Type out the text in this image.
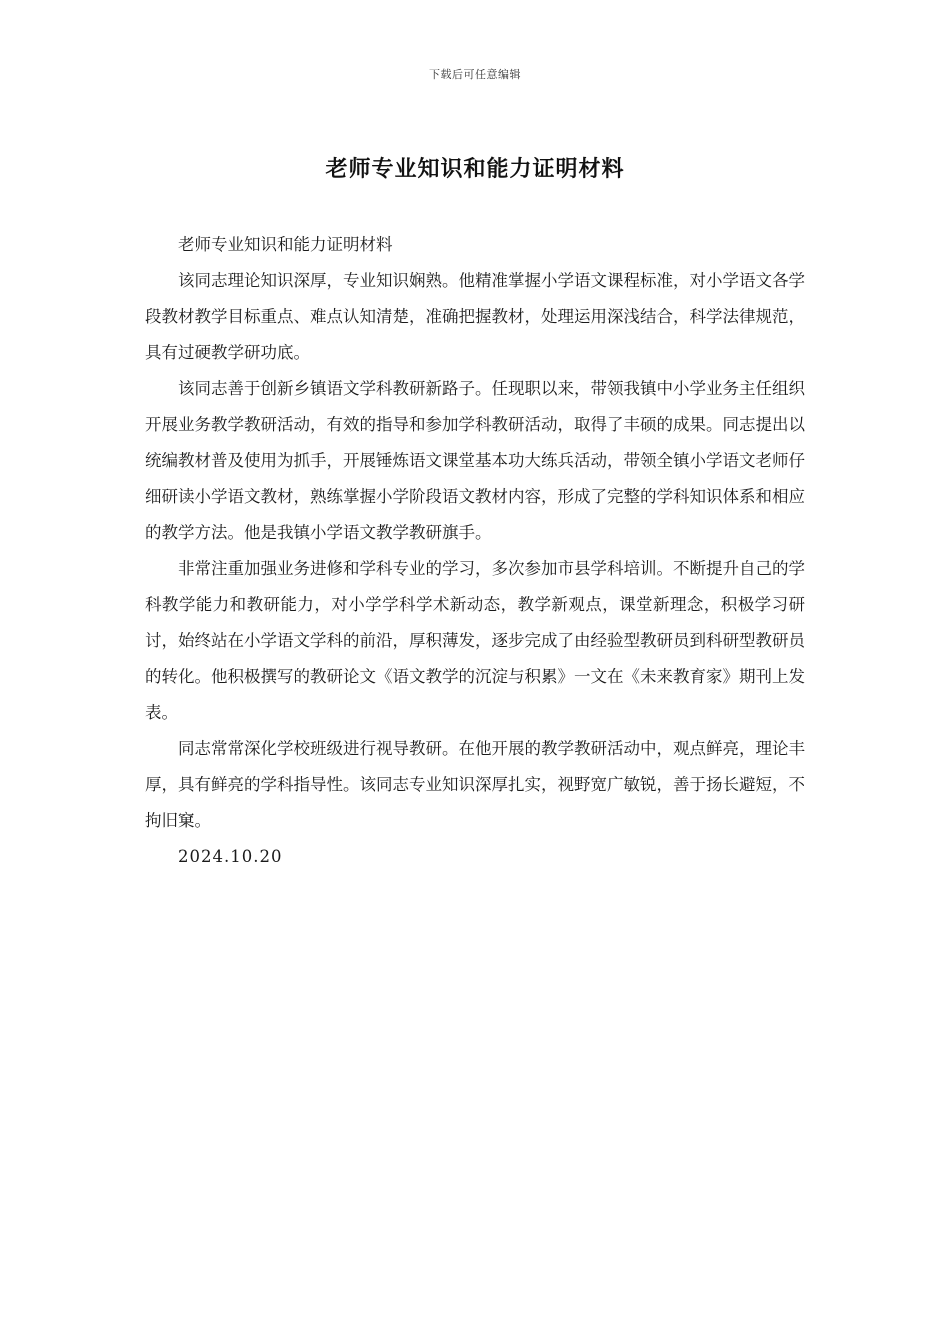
下载后可任意编辑
老师专业知识和能力证明材料

老师专业知识和能力证明材料

该同志理论知识深厚，专业知识娴熟。他精准掌握小学语文课程标准，对小学语文各学段教材教学目标重点、难点认知清楚，准确把握教材，处理运用深浅结合，科学法律规范，具有过硬教学研功底。

该同志善于创新乡镇语文学科教研新路子。任现职以来，带领我镇中小学业务主任组织开展业务教学教研活动，有效的指导和参加学科教研活动，取得了丰硕的成果。同志提出以统编教材普及使用为抓手，开展锤炼语文课堂基本功大练兵活动，带领全镇小学语文老师仔细研读小学语文教材，熟练掌握小学阶段语文教材内容，形成了完整的学科知识体系和相应的教学方法。他是我镇小学语文教学教研旗手。

非常注重加强业务进修和学科专业的学习，多次参加市县学科培训。不断提升自己的学科教学能力和教研能力，对小学学科学术新动态，教学新观点，课堂新理念，积极学习研讨，始终站在小学语文学科的前沿，厚积薄发，逐步完成了由经验型教研员到科研型教研员的转化。他积极撰写的教研论文《语文教学的沉淀与积累》一文在《未来教育家》期刊上发表。

同志常常深化学校班级进行视导教研。在他开展的教学教研活动中，观点鲜亮，理论丰厚，具有鲜亮的学科指导性。该同志专业知识深厚扎实，视野宽广敏锐，善于扬长避短，不拘旧窠。

2024.10.20
